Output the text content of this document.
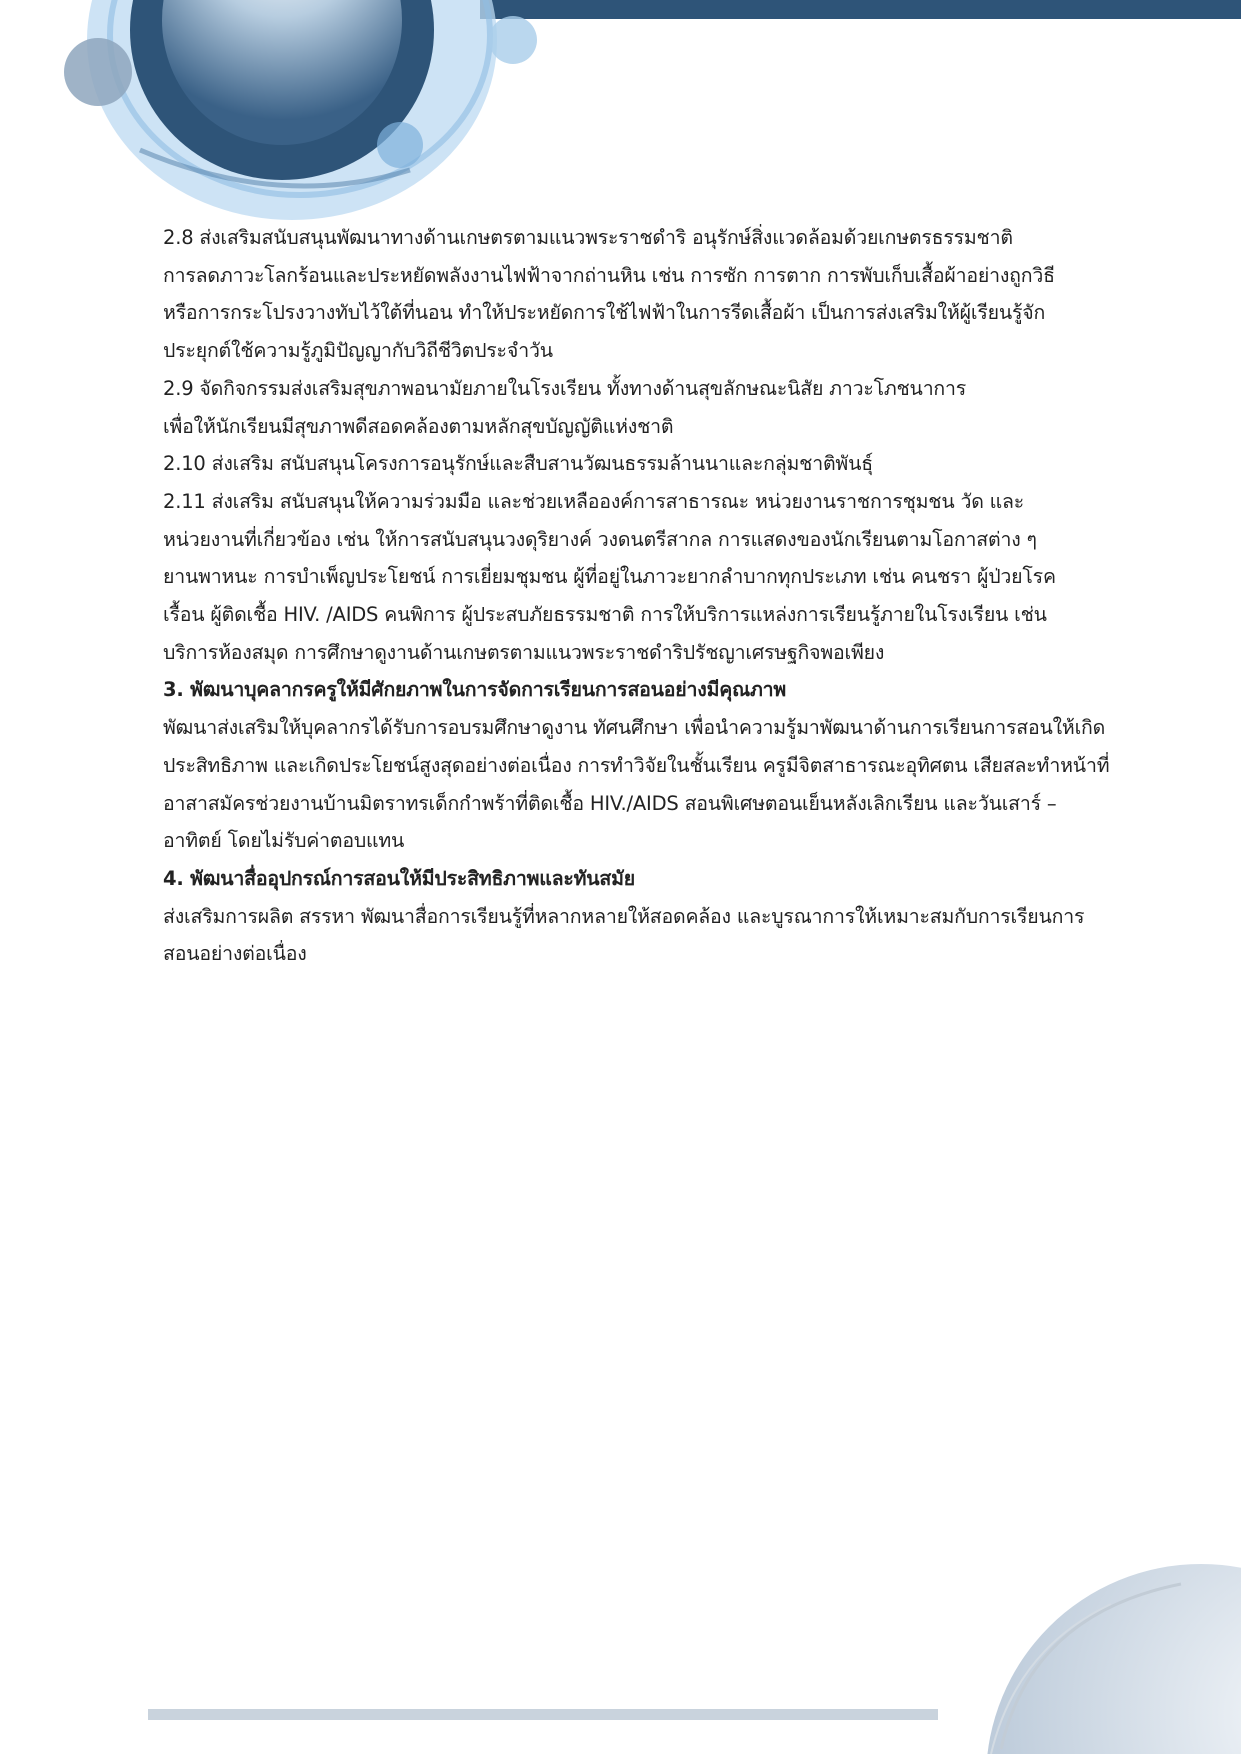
2.8 ส่งเสริมสนับสนุนพัฒนาทางด้านเกษตรตามแนวพระราชดำริ อนุรักษ์สิ่งแวดล้อมด้วยเกษตรธรรมชาติ
การลดภาวะโลกร้อนและประหยัดพลังงานไฟฟ้าจากถ่านหิน เช่น การซัก การตาก การพับเก็บเสื้อผ้าอย่างถูกวิธี
หรือการกระโปรงวางทับไว้ใต้ที่นอน ทำให้ประหยัดการใช้ไฟฟ้าในการรีดเสื้อผ้า เป็นการส่งเสริมให้ผู้เรียนรู้จัก
ประยุกต์ใช้ความรู้ภูมิปัญญากับวิถีชีวิตประจำวัน

2.9 จัดกิจกรรมส่งเสริมสุขภาพอนามัยภายในโรงเรียน ทั้งทางด้านสุขลักษณะนิสัย ภาวะโภชนาการ
เพื่อให้นักเรียนมีสุขภาพดีสอดคล้องตามหลักสุขบัญญัติแห่งชาติ

2.10 ส่งเสริม สนับสนุนโครงการอนุรักษ์และสืบสานวัฒนธรรมล้านนาและกลุ่มชาติพันธุ์

2.11 ส่งเสริม สนับสนุนให้ความร่วมมือ และช่วยเหลือองค์การสาธารณะ หน่วยงานราชการชุมชน วัด และ
หน่วยงานที่เกี่ยวข้อง เช่น ให้การสนับสนุนวงดุริยางค์ วงดนตรีสากล การแสดงของนักเรียนตามโอกาสต่าง ๆ
ยานพาหนะ การบำเพ็ญประโยชน์ การเยี่ยมชุมชน ผู้ที่อยู่ในภาวะยากลำบากทุกประเภท เช่น คนชรา ผู้ป่วยโรค
เรื้อน ผู้ติดเชื้อ HIV. /AIDS คนพิการ ผู้ประสบภัยธรรมชาติ การให้บริการแหล่งการเรียนรู้ภายในโรงเรียน เช่น
บริการห้องสมุด การศึกษาดูงานด้านเกษตรตามแนวพระราชดำริปรัชญาเศรษฐกิจพอเพียง

3. พัฒนาบุคลากรครูให้มีศักยภาพในการจัดการเรียนการสอนอย่างมีคุณภาพ

พัฒนาส่งเสริมให้บุคลากรได้รับการอบรมศึกษาดูงาน ทัศนศึกษา เพื่อนำความรู้มาพัฒนาด้านการเรียนการสอนให้เกิด
ประสิทธิภาพ และเกิดประโยชน์สูงสุดอย่างต่อเนื่อง การทำวิจัยในชั้นเรียน ครูมีจิตสาธารณะอุทิศตน เสียสละทำหน้าที่
อาสาสมัครช่วยงานบ้านมิตราทรเด็กกำพร้าที่ติดเชื้อ HIV./AIDS สอนพิเศษตอนเย็นหลังเลิกเรียน และวันเสาร์ –
อาทิตย์ โดยไม่รับค่าตอบแทน

4. พัฒนาสื่ออุปกรณ์การสอนให้มีประสิทธิภาพและทันสมัย

ส่งเสริมการผลิต สรรหา พัฒนาสื่อการเรียนรู้ที่หลากหลายให้สอดคล้อง และบูรณาการให้เหมาะสมกับการเรียนการ
สอนอย่างต่อเนื่อง
